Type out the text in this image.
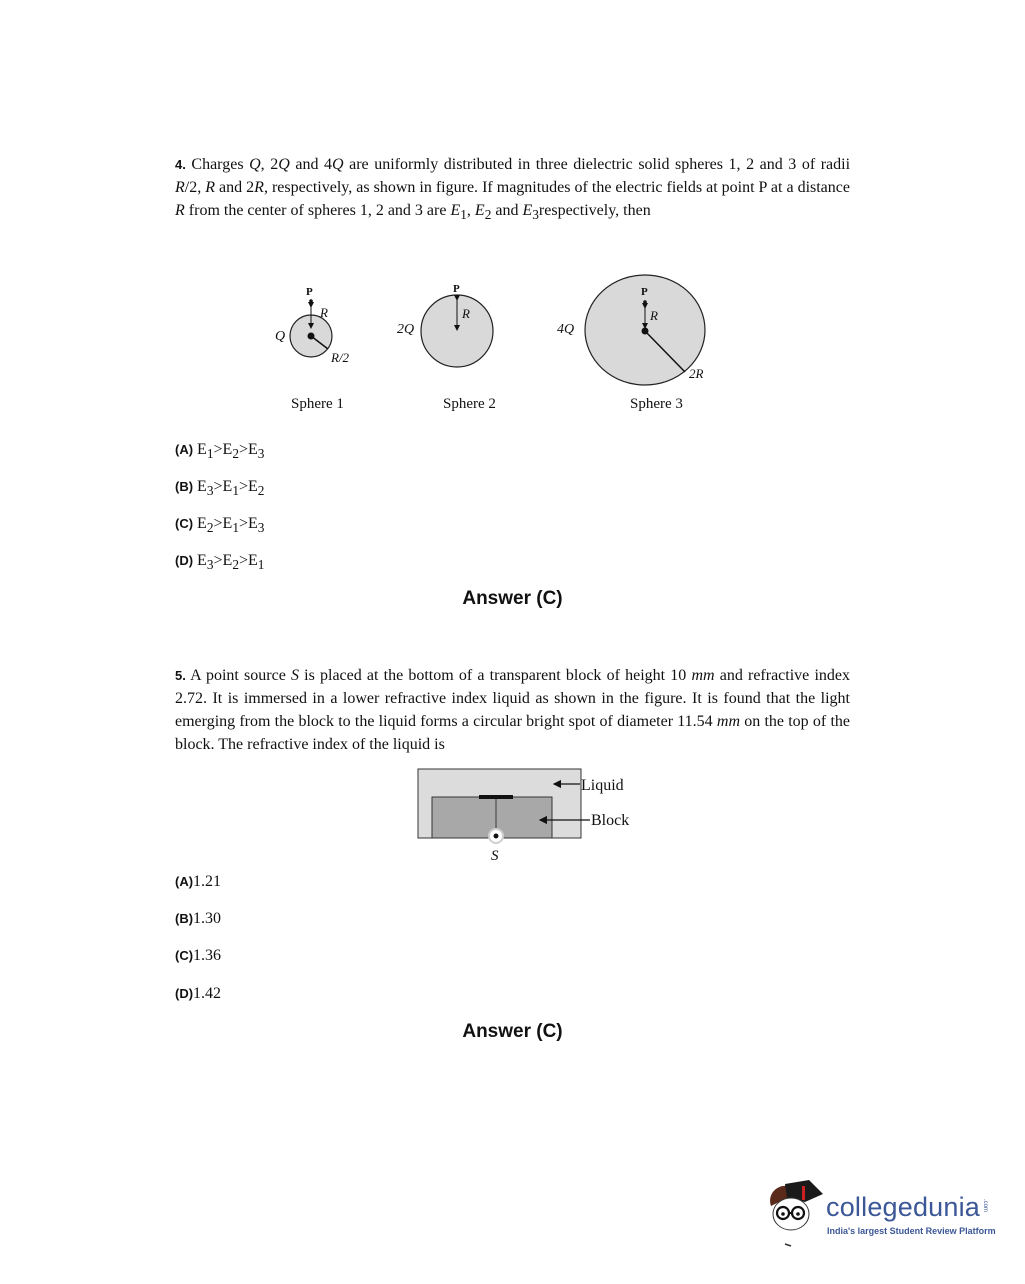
4. Charges Q, 2Q and 4Q are uniformly distributed in three dielectric solid spheres 1, 2 and 3 of radii R/2, R and 2R, respectively, as shown in figure. If magnitudes of the electric fields at point P at a distance R from the center of spheres 1, 2 and 3 are $E_1$, $E_2$ and $E_3respectively$, then
P
R
Q
R/2
Sphere 1
P
R
2Q
Sphere 2
P
R
4Q
2R
Sphere 3
(A) $E_1>E_2>E_3$
(B) $E_3>E_1>E_2$
(C) $E_2>E_1>E_3$
(D) $E_3>E_2>E_1$
Answer (C)
5. A point source S is placed at the bottom of a transparent block of height 10 mm and refractive index 2.72. It is immersed in a lower refractive index liquid as shown in the figure. It is found that the light emerging from the block to the liquid forms a circular bright spot of diameter 11.54 mm on the top of the block. The refractive index of the liquid is
Liquid
Block
S
(A)1.21
(B)1.30
(C)1.36
(D)1.42
Answer (C)
collegedunia .com
India's largest Student Review Platform
